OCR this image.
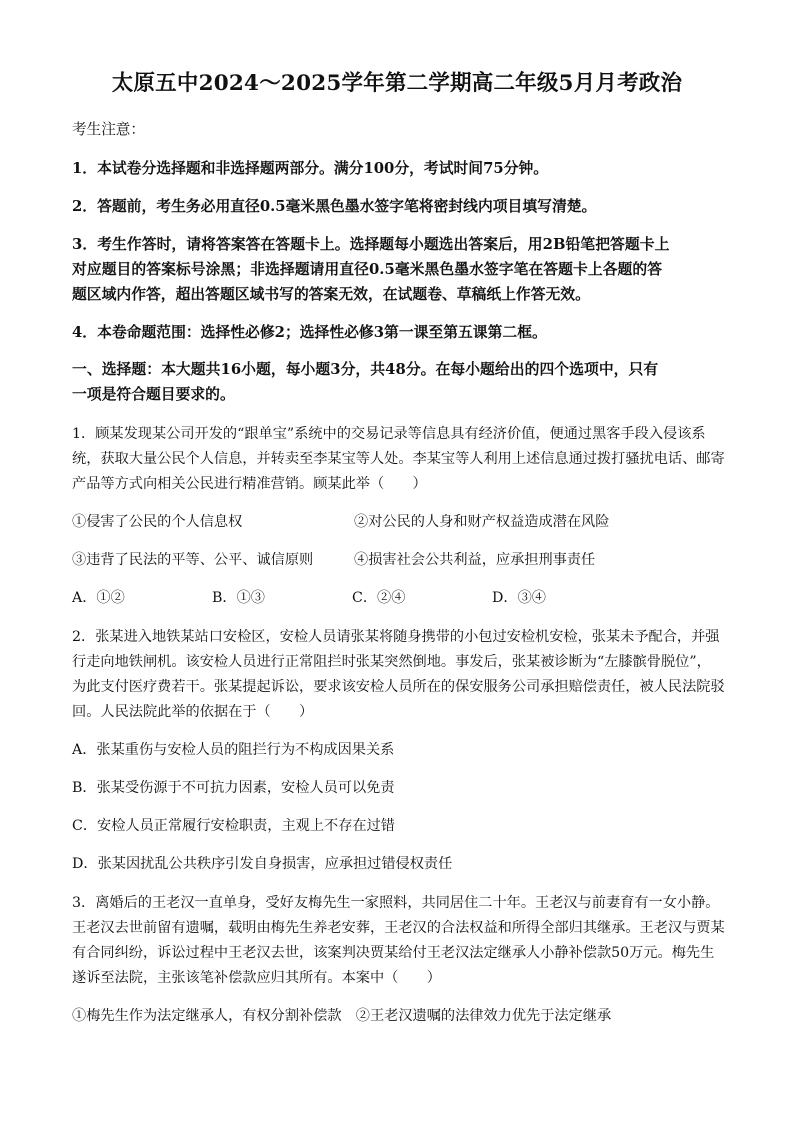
太原五中2024～2025学年第二学期高二年级5月月考政治
考生注意：
1．本试卷分选择题和非选择题两部分。满分100分，考试时间75分钟。
2．答题前，考生务必用直径0.5毫米黑色墨水签字笔将密封线内项目填写清楚。
3．考生作答时，请将答案答在答题卡上。选择题每小题选出答案后，用2B铅笔把答题卡上
对应题目的答案标号涂黑；非选择题请用直径0.5毫米黑色墨水签字笔在答题卡上各题的答
题区域内作答，超出答题区域书写的答案无效，在试题卷、草稿纸上作答无效。
4．本卷命题范围：选择性必修2；选择性必修3第一课至第五课第二框。
一、选择题：本大题共16小题，每小题3分，共48分。在每小题给出的四个选项中，只有
一项是符合题目要求的。
1．顾某发现某公司开发的“跟单宝”系统中的交易记录等信息具有经济价值，便通过黑客手段入侵该系
统，获取大量公民个人信息，并转卖至李某宝等人处。李某宝等人利用上述信息通过拨打骚扰电话、邮寄
产品等方式向相关公民进行精准营销。顾某此举（　　）
①侵害了公民的个人信息权	②对公民的人身和财产权益造成潜在风险
③违背了民法的平等、公平、诚信原则	④损害社会公共利益，应承担刑事责任
A．①②	B．①③	C．②④	D．③④
2．张某进入地铁某站口安检区，安检人员请张某将随身携带的小包过安检机安检，张某未予配合，并强
行走向地铁闸机。该安检人员进行正常阻拦时张某突然倒地。事发后，张某被诊断为“左膝髌骨脱位”，
为此支付医疗费若干。张某提起诉讼，要求该安检人员所在的保安服务公司承担赔偿责任，被人民法院驳
回。人民法院此举的依据在于（　　）
A．张某重伤与安检人员的阻拦行为不构成因果关系
B．张某受伤源于不可抗力因素，安检人员可以免责
C．安检人员正常履行安检职责，主观上不存在过错
D．张某因扰乱公共秩序引发自身损害，应承担过错侵权责任
3．离婚后的王老汉一直单身，受好友梅先生一家照料，共同居住二十年。王老汉与前妻育有一女小静。
王老汉去世前留有遗嘱，载明由梅先生养老安葬，王老汉的合法权益和所得全部归其继承。王老汉与贾某
有合同纠纷，诉讼过程中王老汉去世，该案判决贾某给付王老汉法定继承人小静补偿款50万元。梅先生
遂诉至法院，主张该笔补偿款应归其所有。本案中（　　）
①梅先生作为法定继承人，有权分割补偿款　②王老汉遗嘱的法律效力优先于法定继承
